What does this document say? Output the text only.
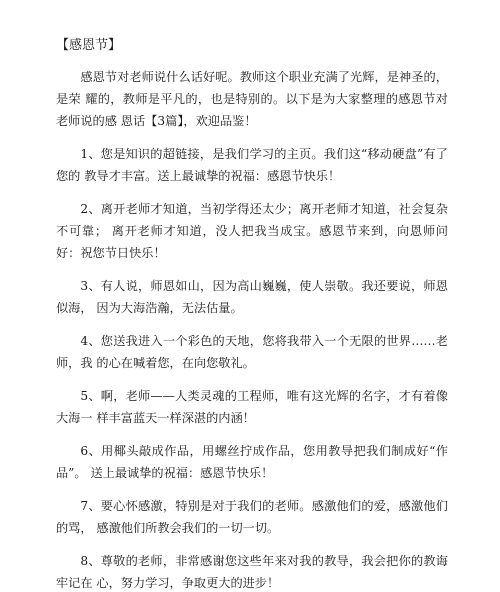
【感恩节】

感恩节对老师说什么话好呢。教师这个职业充满了光辉，是神圣的，是荣 耀的，教师是平凡的，也是特别的。以下是为大家整理的感恩节对老师说的感 恩话【3篇】，欢迎品鉴！

1、您是知识的超链接，是我们学习的主页。我们这“移动硬盘”有了您的 教导才丰富。送上最诚挚的祝福：感恩节快乐！

2、离开老师才知道，当初学得还太少；离开老师才知道，社会复杂不可靠； 离开老师才知道，没人把我当成宝。感恩节来到，向恩师问好：祝您节日快乐！

3、有人说，师恩如山，因为高山巍巍，使人崇敬。我还要说，师恩似海， 因为大海浩瀚，无法估量。

4、您送我进入一个彩色的天地，您将我带入一个无限的世界……老师，我 的心在喊着您，在向您敬礼。

5、啊，老师——人类灵魂的工程师，唯有这光辉的名字，才有着像大海一 样丰富蓝天一样深湛的内涵！

6、用椰头敲成作品，用螺丝拧成作品，您用教导把我们制成好“作品”。 送上最诚挚的祝福：感恩节快乐！

7、要心怀感激，特别是对于我们的老师。感激他们的爱，感激他们的骂， 感激他们所教会我们的一切一切。

8、尊敬的老师，非常感谢您这些年来对我的教导，我会把你的教诲牢记在 心，努力学习，争取更大的进步！
